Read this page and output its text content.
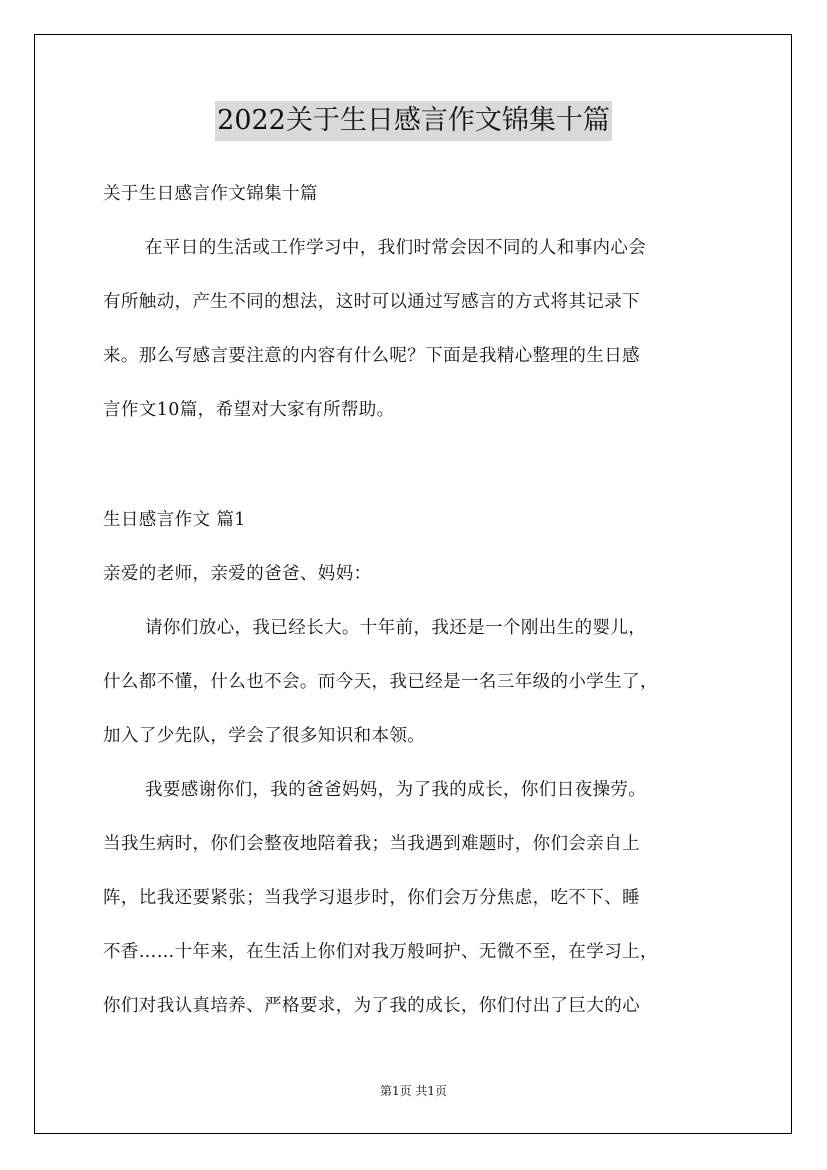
2022关于生日感言作文锦集十篇
关于生日感言作文锦集十篇
在平日的生活或工作学习中，我们时常会因不同的人和事内心会
有所触动，产生不同的想法，这时可以通过写感言的方式将其记录下
来。那么写感言要注意的内容有什么呢？下面是我精心整理的生日感
言作文10篇，希望对大家有所帮助。
生日感言作文 篇1
亲爱的老师，亲爱的爸爸、妈妈：
请你们放心，我已经长大。十年前，我还是一个刚出生的婴儿，
什么都不懂，什么也不会。而今天，我已经是一名三年级的小学生了，
加入了少先队，学会了很多知识和本领。
我要感谢你们，我的爸爸妈妈，为了我的成长，你们日夜操劳。
当我生病时，你们会整夜地陪着我；当我遇到难题时，你们会亲自上
阵，比我还要紧张；当我学习退步时，你们会万分焦虑，吃不下、睡
不香……十年来，在生活上你们对我万般呵护、无微不至，在学习上，
你们对我认真培养、严格要求，为了我的成长，你们付出了巨大的心
第1页 共1页
